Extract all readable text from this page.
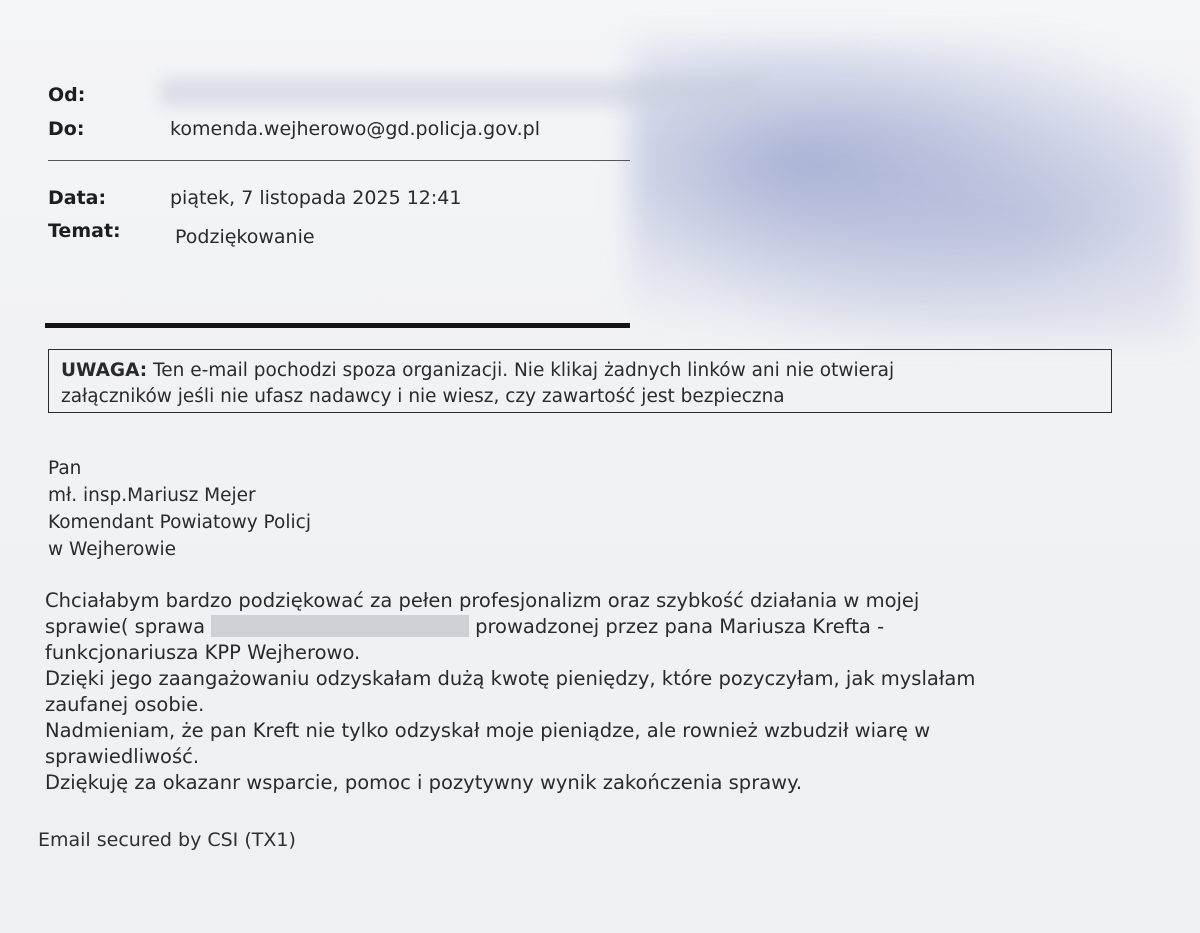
Od:
Do:	komenda.wejherowo@gd.policja.gov.pl
Data:	piątek, 7 listopada 2025 12:41
Temat:	Podziękowanie
UWAGA: Ten e-mail pochodzi spoza organizacji. Nie klikaj żadnych linków ani nie otwieraj
załączników jeśli nie ufasz nadawcy i nie wiesz, czy zawartość jest bezpieczna
Pan
mł. insp.Mariusz Mejer
Komendant Powiatowy Policj
w Wejherowie
Chciałabym bardzo podziękować za pełen profesjonalizm oraz szybkość działania w mojej
sprawie( sprawa	prowadzonej przez pana Mariusza Krefta -
funkcjonariusza KPP Wejherowo.
Dzięki jego zaangażowaniu odzyskałam dużą kwotę pieniędzy, które pozyczyłam, jak myslałam
zaufanej osobie.
Nadmieniam, że pan Kreft nie tylko odzyskał moje pieniądze, ale rownież wzbudził wiarę w
sprawiedliwość.
Dziękuję za okazanr wsparcie, pomoc i pozytywny wynik zakończenia sprawy.
Email secured by CSI (TX1)
